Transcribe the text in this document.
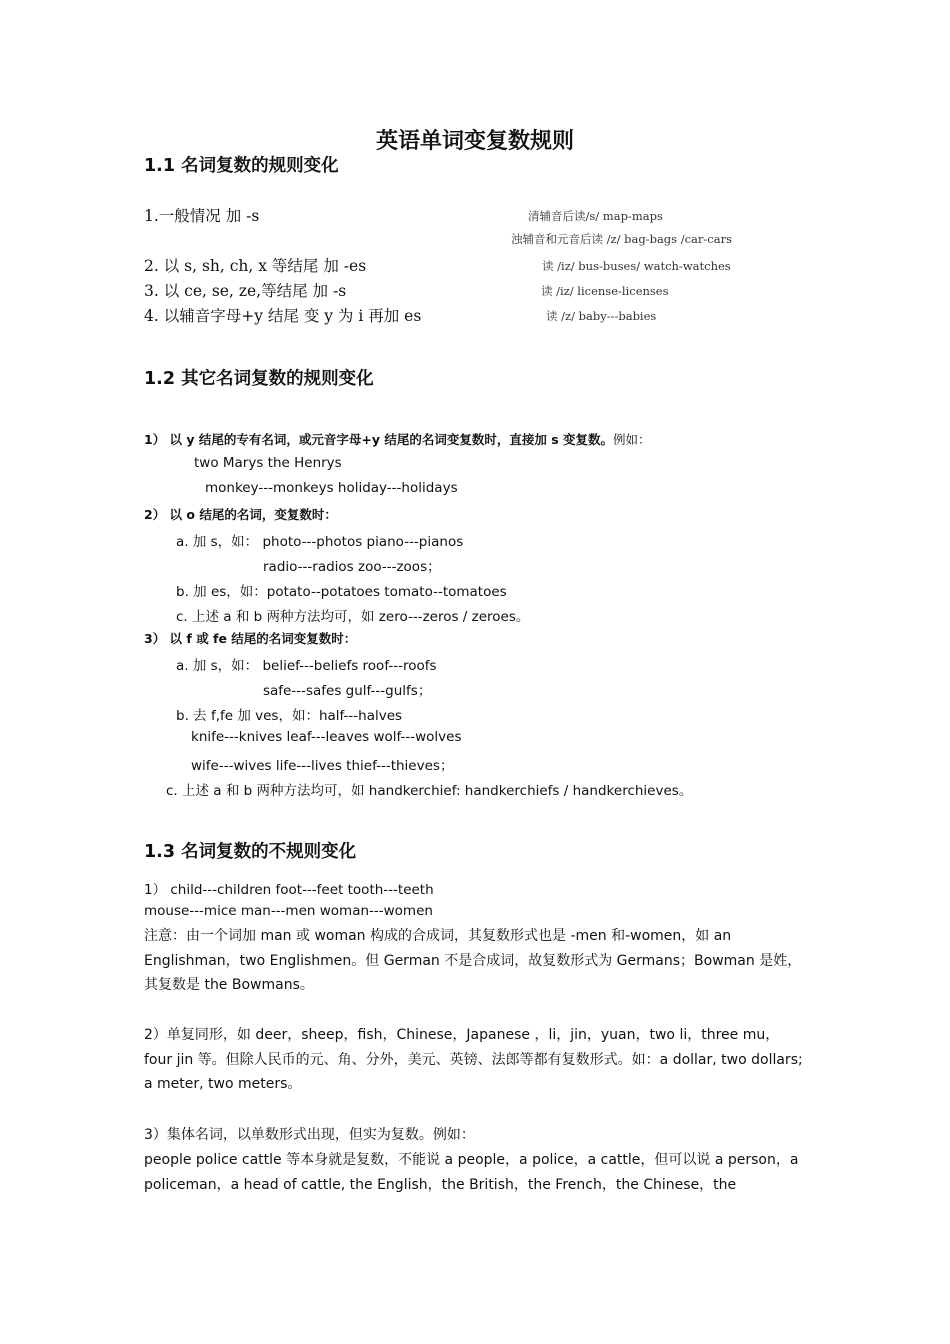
英语单词变复数规则
1.1 名词复数的规则变化
1.一般情况 加 -s	清辅音后读/s/ map-maps
浊辅音和元音后读 /z/ bag-bags /car-cars
2. 以 s, sh, ch, x 等结尾 加 -es	读 /iz/ bus-buses/ watch-watches
3. 以 ce, se, ze,等结尾 加 -s	读 /iz/ license-licenses
4. 以辅音字母+y 结尾 变 y 为 i 再加 es	读 /z/ baby---babies
1.2 其它名词复数的规则变化
1） 以 y 结尾的专有名词，或元音字母+y 结尾的名词变复数时，直接加 s 变复数。例如：
two Marys the Henrys
monkey---monkeys holiday---holidays
2） 以 o 结尾的名词，变复数时：
a. 加 s，如： photo---photos piano---pianos
radio---radios zoo---zoos；
b. 加 es，如：potato--potatoes tomato--tomatoes
c. 上述 a 和 b 两种方法均可，如 zero---zeros / zeroes。
3） 以 f 或 fe 结尾的名词变复数时：
a. 加 s，如： belief---beliefs roof---roofs
safe---safes gulf---gulfs；
b. 去 f,fe 加 ves，如：half---halves
knife---knives leaf---leaves wolf---wolves
wife---wives life---lives thief---thieves；
c. 上述 a 和 b 两种方法均可，如 handkerchief: handkerchiefs / handkerchieves。
1.3 名词复数的不规则变化
1） child---children foot---feet tooth---teeth
mouse---mice man---men woman---women
注意：由一个词加 man 或 woman 构成的合成词，其复数形式也是 -men 和-women，如 an Englishman，two Englishmen。但 German 不是合成词，故复数形式为 Germans；Bowman 是姓，其复数是 the Bowmans。
2）单复同形，如 deer，sheep，fish，Chinese，Japanese ，li，jin，yuan，two li，three mu，four jin 等。但除人民币的元、角、分外，美元、英镑、法郎等都有复数形式。如：a dollar, two dollars; a meter, two meters。
3）集体名词，以单数形式出现，但实为复数。例如：
people police cattle 等本身就是复数，不能说 a people，a police，a cattle，但可以说 a person，a policeman，a head of cattle, the English，the British，the French，the Chinese，the
